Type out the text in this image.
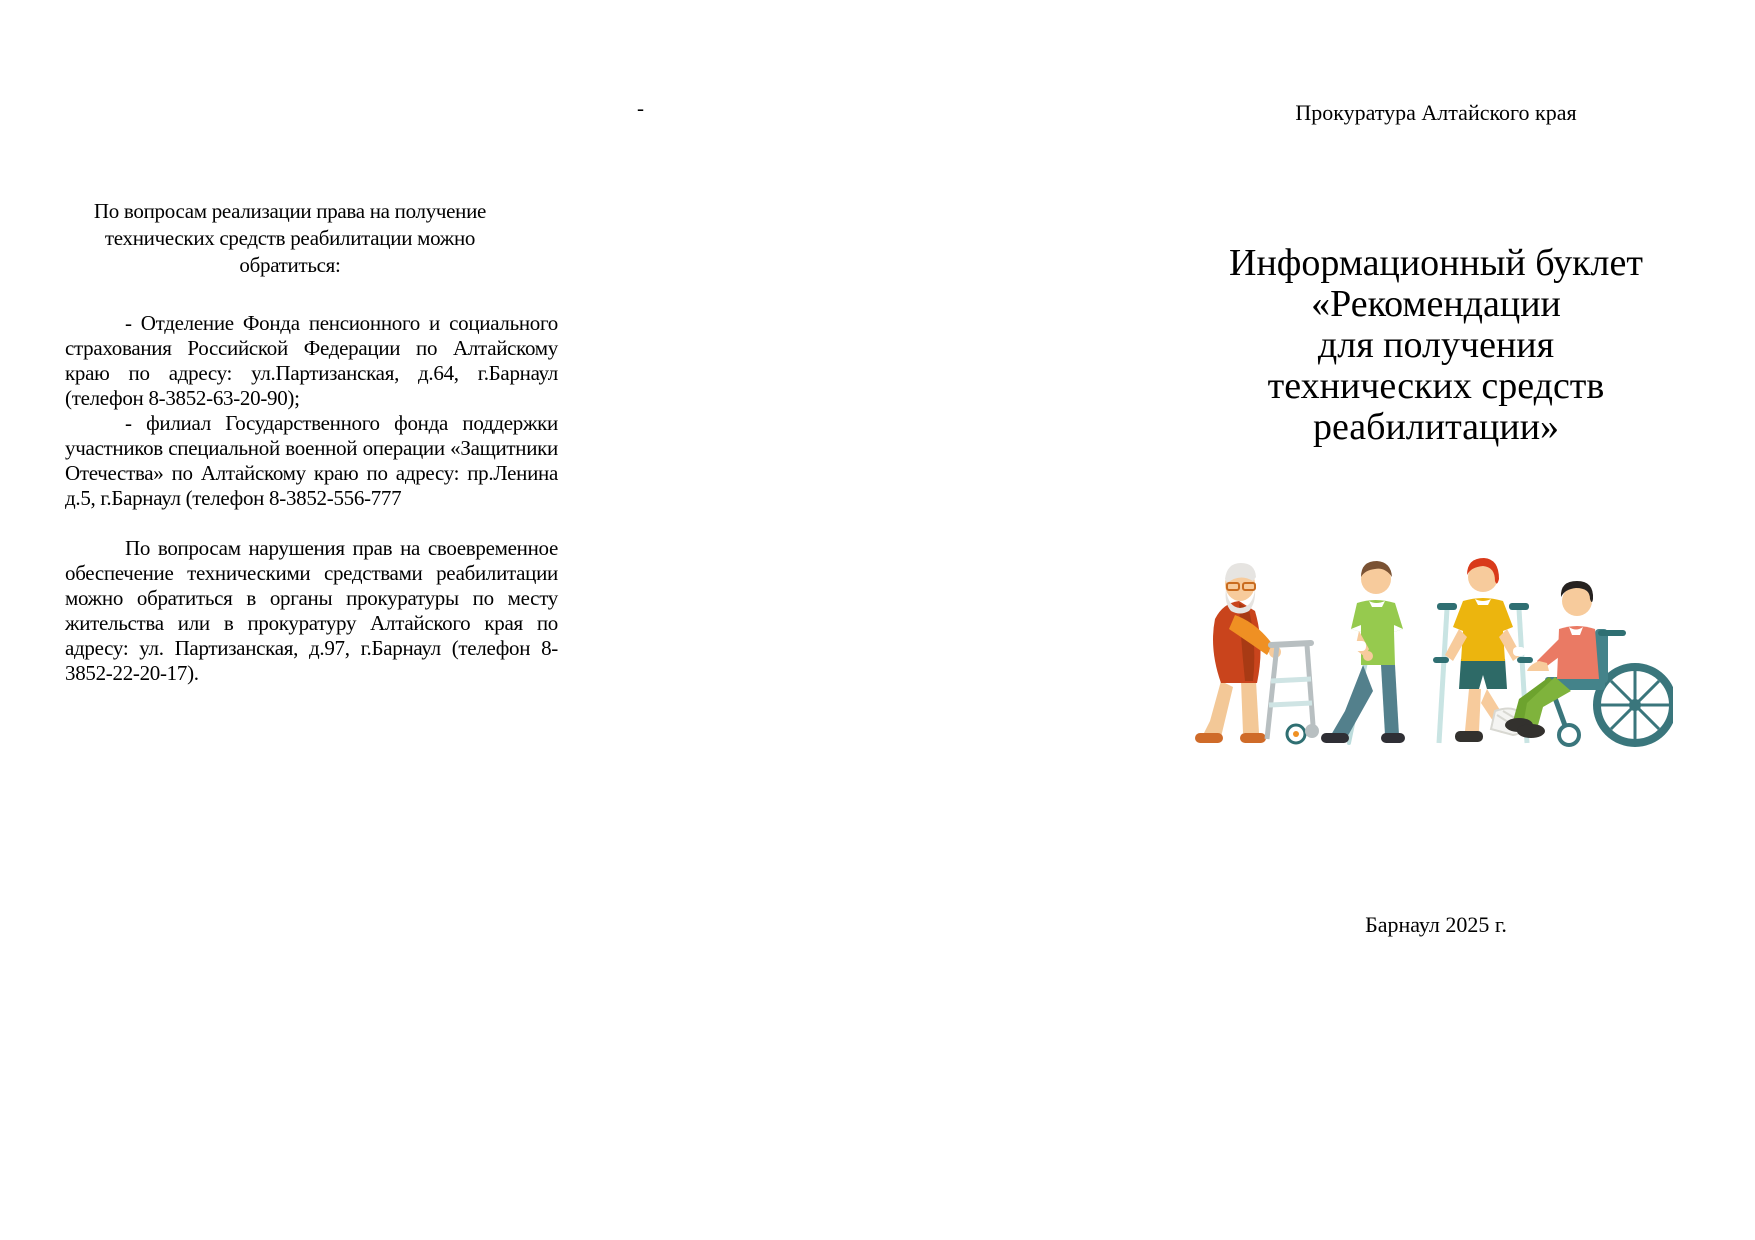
-

По вопросам реализации права на получение технических средств реабилитации можно обратиться:

- Отделение Фонда пенсионного и социального страхования Российской Федерации по Алтайскому краю по адресу: ул.Партизанская, д.64, г.Барнаул (телефон 8-3852-63-20-90);

- филиал Государственного фонда поддержки участников специальной военной операции «Защитники Отечества» по Алтайскому краю по адресу: пр.Ленина д.5, г.Барнаул (телефон 8-3852-556-777

По вопросам нарушения прав на своевременное обеспечение техническими средствами реабилитации можно обратиться в органы прокуратуры по месту жительства или в прокуратуру Алтайского края по адресу: ул. Партизанская, д.97, г.Барнаул (телефон 8-3852-22-20-17).

Прокуратура Алтайского края
Информационный буклет
«Рекомендации
для получения
технических средств
реабилитации»
Барнаул 2025 г.
